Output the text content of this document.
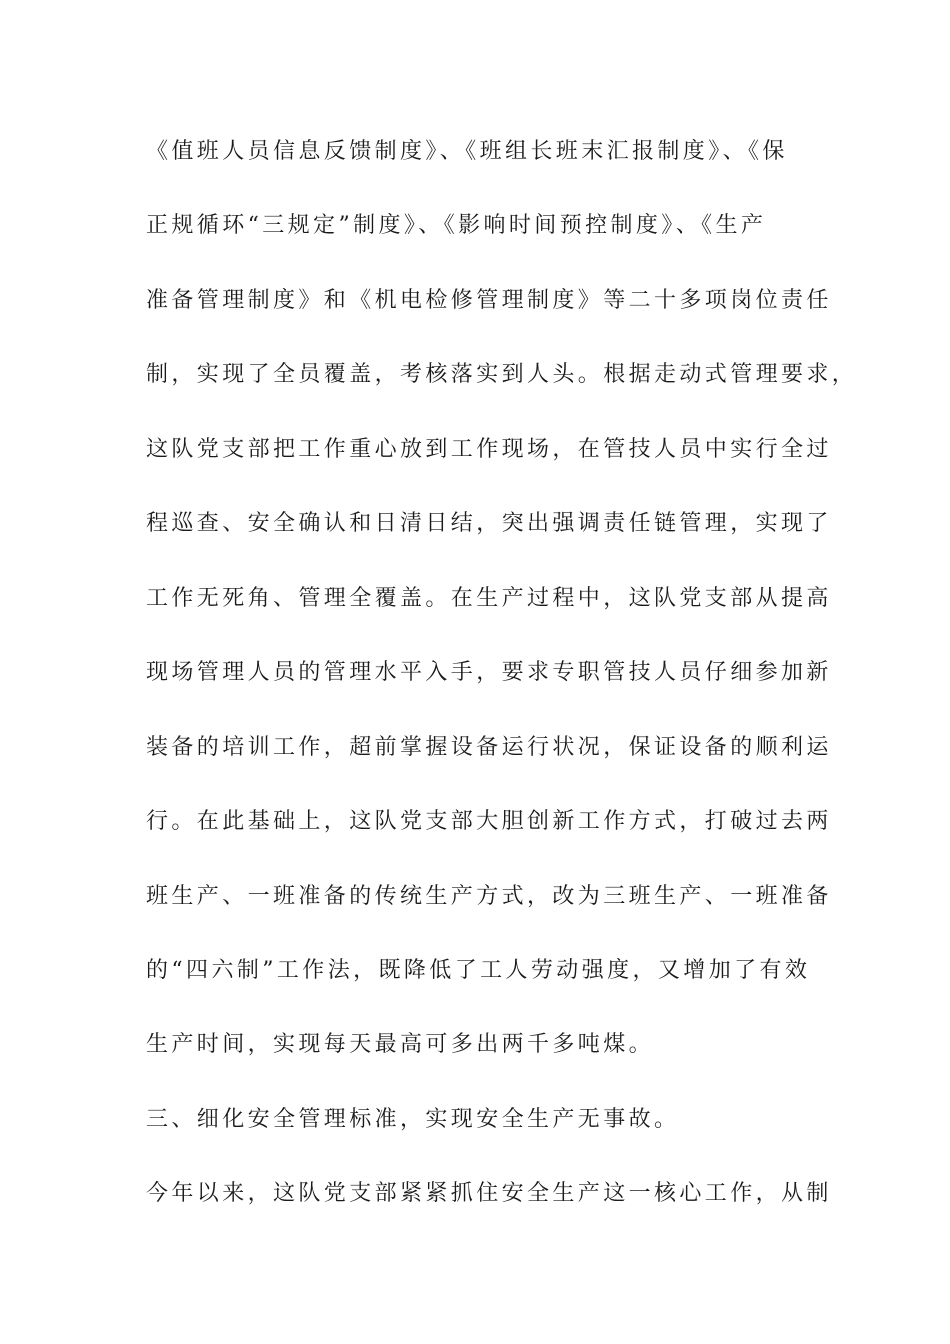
《值班人员信息反馈制度》、《班组长班末汇报制度》、《保
正规循环“三规定”制度》、《影响时间预控制度》、《生产
准备管理制度》和《机电检修管理制度》等二十多项岗位责任
制，实现了全员覆盖，考核落实到人头。根据走动式管理要求，
这队党支部把工作重心放到工作现场，在管技人员中实行全过
程巡查、安全确认和日清日结，突出强调责任链管理，实现了
工作无死角、管理全覆盖。在生产过程中，这队党支部从提高
现场管理人员的管理水平入手，要求专职管技人员仔细参加新
装备的培训工作，超前掌握设备运行状况，保证设备的顺利运
行。在此基础上，这队党支部大胆创新工作方式，打破过去两
班生产、一班准备的传统生产方式，改为三班生产、一班准备
的“四六制”工作法，既降低了工人劳动强度，又增加了有效
生产时间，实现每天最高可多出两千多吨煤。
三、细化安全管理标准，实现安全生产无事故。
今年以来，这队党支部紧紧抓住安全生产这一核心工作，从制
